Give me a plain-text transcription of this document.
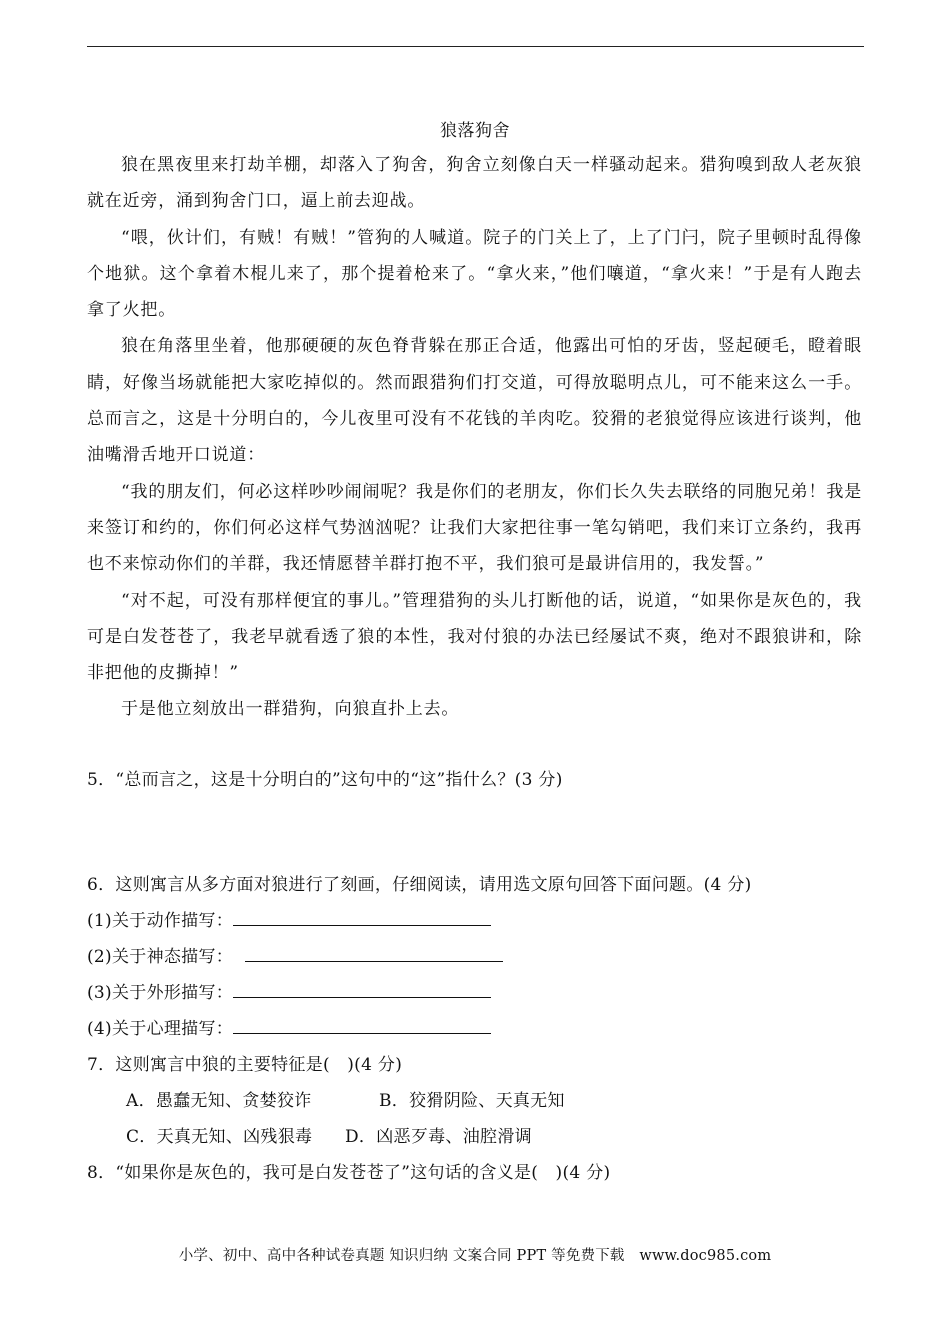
狼落狗舍

狼在黑夜里来打劫羊棚，却落入了狗舍，狗舍立刻像白天一样骚动起来。猎狗嗅到敌人老灰狼就在近旁，涌到狗舍门口，逼上前去迎战。

“喂，伙计们，有贼！有贼！”管狗的人喊道。院子的门关上了，上了门闩，院子里顿时乱得像个地狱。这个拿着木棍儿来了，那个提着枪来了。“拿火来，”他们嚷道，“拿火来！”于是有人跑去拿了火把。

狼在角落里坐着，他那硬硬的灰色脊背躲在那正合适，他露出可怕的牙齿，竖起硬毛，瞪着眼睛，好像当场就能把大家吃掉似的。然而跟猎狗们打交道，可得放聪明点儿，可不能来这么一手。总而言之，这是十分明白的，今儿夜里可没有不花钱的羊肉吃。狡猾的老狼觉得应该进行谈判，他油嘴滑舌地开口说道：

“我的朋友们，何必这样吵吵闹闹呢？我是你们的老朋友，你们长久失去联络的同胞兄弟！我是来签订和约的，你们何必这样气势汹汹呢？让我们大家把往事一笔勾销吧，我们来订立条约，我再也不来惊动你们的羊群，我还情愿替羊群打抱不平，我们狼可是最讲信用的，我发誓。”

“对不起，可没有那样便宜的事儿。”管理猎狗的头儿打断他的话，说道，“如果你是灰色的，我可是白发苍苍了，我老早就看透了狼的本性，我对付狼的办法已经屡试不爽，绝对不跟狼讲和，除非把他的皮撕掉！”

于是他立刻放出一群猎狗，向狼直扑上去。

5．“总而言之，这是十分明白的”这句中的“这”指什么？(3 分)
6．这则寓言从多方面对狼进行了刻画，仔细阅读，请用选文原句回答下面问题。(4 分)
(1)关于动作描写：
(2)关于神态描写：
(3)关于外形描写：
(4)关于心理描写：
7．这则寓言中狼的主要特征是(　)(4 分)
A．愚蠢无知、贪婪狡诈	B．狡猾阴险、天真无知
C．天真无知、凶残狠毒 D．凶恶歹毒、油腔滑调
8．“如果你是灰色的，我可是白发苍苍了”这句话的含义是(　)(4 分)
小学、初中、高中各种试卷真题 知识归纳 文案合同 PPT 等免费下载　www.doc985.com
